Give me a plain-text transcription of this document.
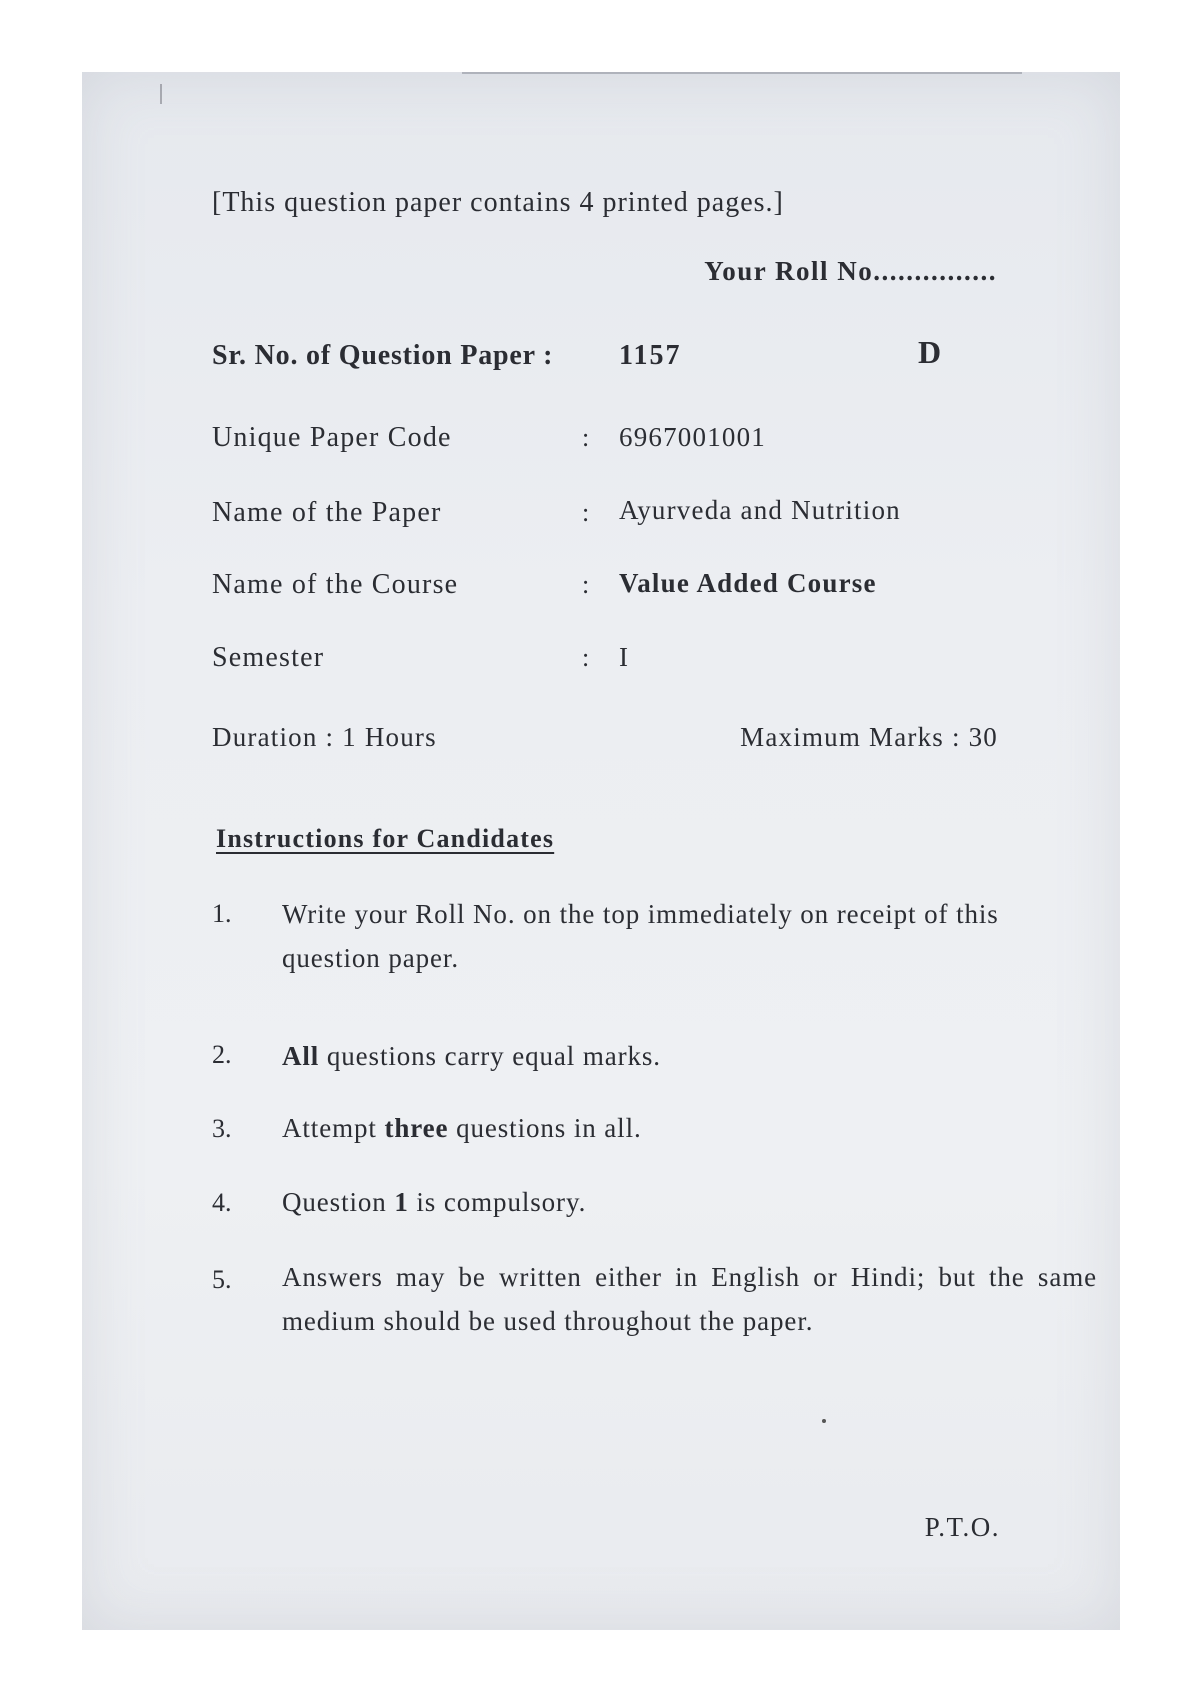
[This question paper contains 4 printed pages.]
Your Roll No...............
Sr. No. of Question Paper : 1157	D
Unique Paper Code	: 6967001001
Name of the Paper	: Ayurveda and Nutrition
Name of the Course	: Value Added Course
Semester	: I
Duration : 1 Hours	Maximum Marks : 30
Instructions for Candidates
1. Write your Roll No. on the top immediately on receipt of this question paper.
2. All questions carry equal marks.
3. Attempt three questions in all.
4. Question 1 is compulsory.
5. Answers may be written either in English or Hindi; but the same medium should be used throughout the paper.
P.T.O.
